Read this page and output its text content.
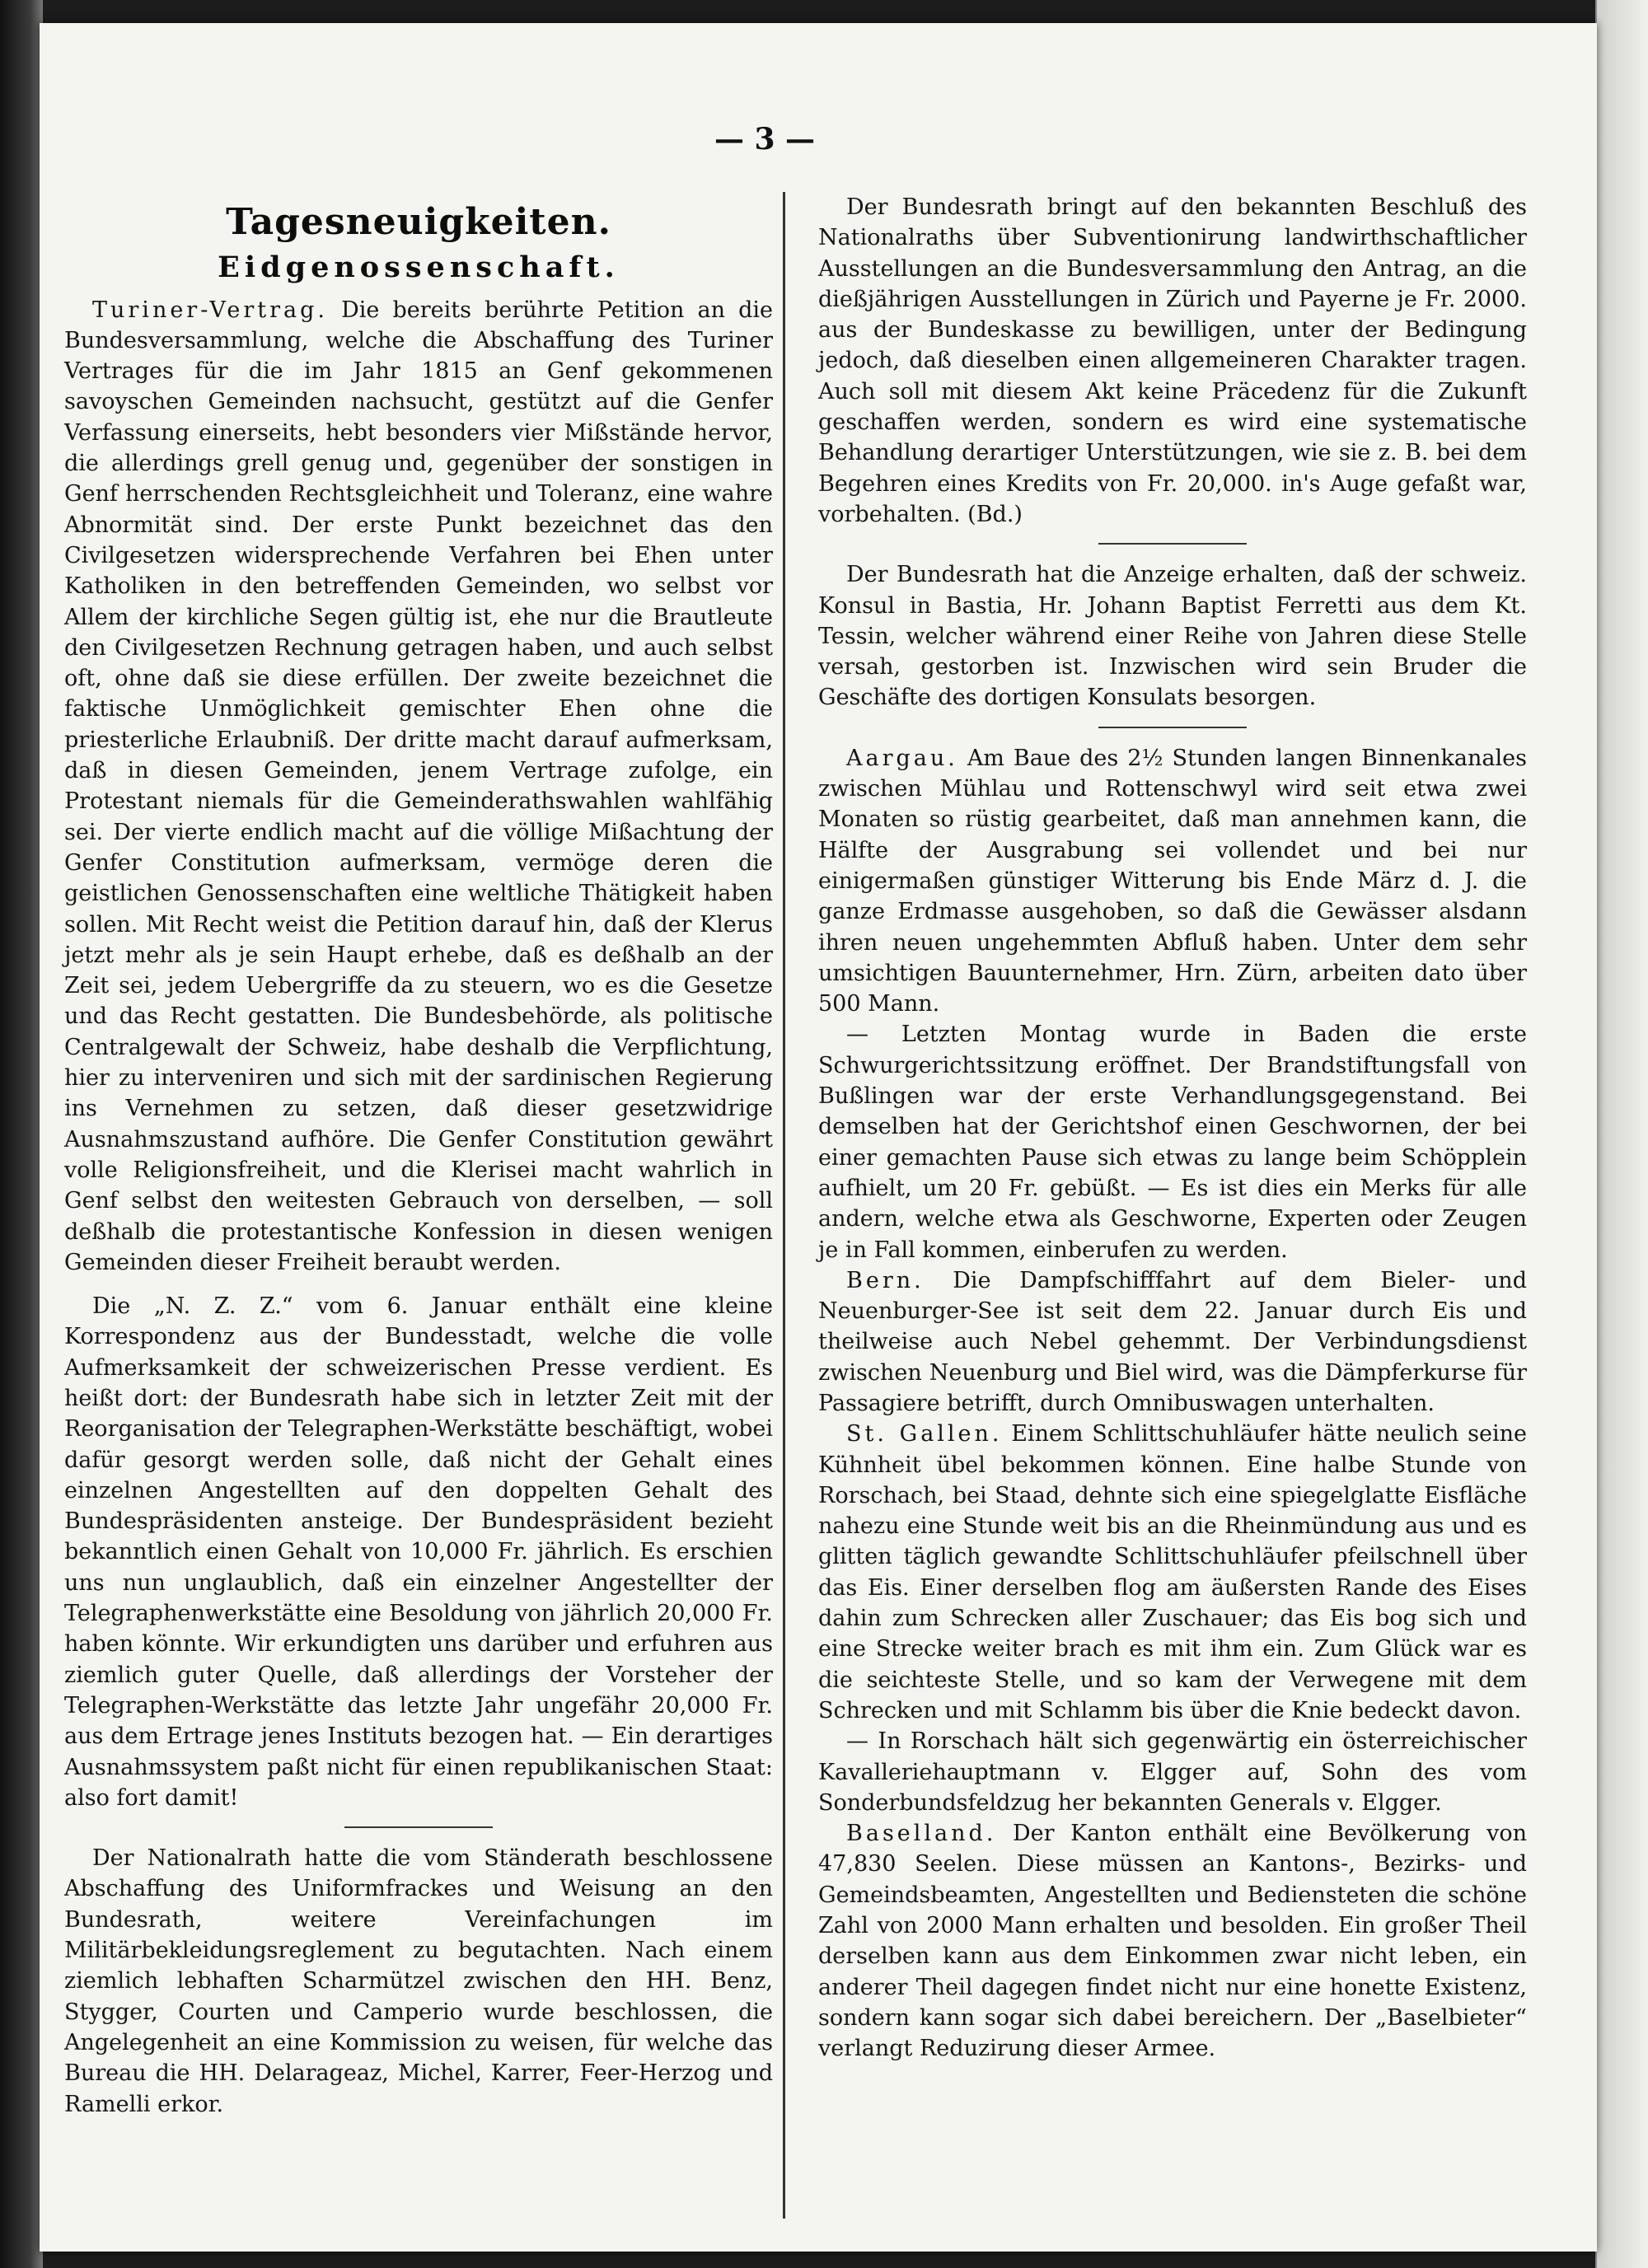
— 3 —
Tagesneuigkeiten.
Eidgenossenschaft.

Turiner-Vertrag. Die bereits berührte Petition an die Bundesversammlung, welche die Abschaffung des Turiner Vertrages für die im Jahr 1815 an Genf gekommenen savoyschen Gemeinden nachsucht, gestützt auf die Genfer Verfassung einerseits, hebt besonders vier Mißstände hervor, die allerdings grell genug und, gegenüber der sonstigen in Genf herrschenden Rechtsgleichheit und Toleranz, eine wahre Abnormität sind. Der erste Punkt bezeichnet das den Civilgesetzen widersprechende Verfahren bei Ehen unter Katholiken in den betreffenden Gemeinden, wo selbst vor Allem der kirchliche Segen gültig ist, ehe nur die Brautleute den Civilgesetzen Rechnung getragen haben, und auch selbst oft, ohne daß sie diese erfüllen. Der zweite bezeichnet die faktische Unmöglichkeit gemischter Ehen ohne die priesterliche Erlaubniß. Der dritte macht darauf aufmerksam, daß in diesen Gemeinden, jenem Vertrage zufolge, ein Protestant niemals für die Gemeinderathswahlen wahlfähig sei. Der vierte endlich macht auf die völlige Mißachtung der Genfer Constitution aufmerksam, vermöge deren die geistlichen Genossenschaften eine weltliche Thätigkeit haben sollen. Mit Recht weist die Petition darauf hin, daß der Klerus jetzt mehr als je sein Haupt erhebe, daß es deßhalb an der Zeit sei, jedem Uebergriffe da zu steuern, wo es die Gesetze und das Recht gestatten. Die Bundesbehörde, als politische Centralgewalt der Schweiz, habe deshalb die Verpflichtung, hier zu interveniren und sich mit der sardinischen Regierung ins Vernehmen zu setzen, daß dieser gesetzwidrige Ausnahmszustand aufhöre. Die Genfer Constitution gewährt volle Religionsfreiheit, und die Klerisei macht wahrlich in Genf selbst den weitesten Gebrauch von derselben, — soll deßhalb die protestantische Konfession in diesen wenigen Gemeinden dieser Freiheit beraubt werden.

Die „N. Z. Z.“ vom 6. Januar enthält eine kleine Korrespondenz aus der Bundesstadt, welche die volle Aufmerksamkeit der schweizerischen Presse verdient. Es heißt dort: der Bundesrath habe sich in letzter Zeit mit der Reorganisation der Telegraphen-Werkstätte beschäftigt, wobei dafür gesorgt werden solle, daß nicht der Gehalt eines einzelnen Angestellten auf den doppelten Gehalt des Bundespräsidenten ansteige. Der Bundespräsident bezieht bekanntlich einen Gehalt von 10,000 Fr. jährlich. Es erschien uns nun unglaublich, daß ein einzelner Angestellter der Telegraphenwerkstätte eine Besoldung von jährlich 20,000 Fr. haben könnte. Wir erkundigten uns darüber und erfuhren aus ziemlich guter Quelle, daß allerdings der Vorsteher der Telegraphen-Werkstätte das letzte Jahr ungefähr 20,000 Fr. aus dem Ertrage jenes Instituts bezogen hat. — Ein derartiges Ausnahmssystem paßt nicht für einen republikanischen Staat: also fort damit!

Der Nationalrath hatte die vom Ständerath beschlossene Abschaffung des Uniformfrackes und Weisung an den Bundesrath, weitere Vereinfachungen im Militärbekleidungsreglement zu begutachten. Nach einem ziemlich lebhaften Scharmützel zwischen den HH. Benz, Stygger, Courten und Camperio wurde beschlossen, die Angelegenheit an eine Kommission zu weisen, für welche das Bureau die HH. Delarageaz, Michel, Karrer, Feer-Herzog und Ramelli erkor.

Der Bundesrath bringt auf den bekannten Beschluß des Nationalraths über Subventionirung landwirthschaftlicher Ausstellungen an die Bundesversammlung den Antrag, an die dießjährigen Ausstellungen in Zürich und Payerne je Fr. 2000. aus der Bundeskasse zu bewilligen, unter der Bedingung jedoch, daß dieselben einen allgemeineren Charakter tragen. Auch soll mit diesem Akt keine Präcedenz für die Zukunft geschaffen werden, sondern es wird eine systematische Behandlung derartiger Unterstützungen, wie sie z. B. bei dem Begehren eines Kredits von Fr. 20,000. in's Auge gefaßt war, vorbehalten. (Bd.)

Der Bundesrath hat die Anzeige erhalten, daß der schweiz. Konsul in Bastia, Hr. Johann Baptist Ferretti aus dem Kt. Tessin, welcher während einer Reihe von Jahren diese Stelle versah, gestorben ist. Inzwischen wird sein Bruder die Geschäfte des dortigen Konsulats besorgen.

Aargau. Am Baue des 2½ Stunden langen Binnenkanales zwischen Mühlau und Rottenschwyl wird seit etwa zwei Monaten so rüstig gearbeitet, daß man annehmen kann, die Hälfte der Ausgrabung sei vollendet und bei nur einigermaßen günstiger Witterung bis Ende März d. J. die ganze Erdmasse ausgehoben, so daß die Gewässer alsdann ihren neuen ungehemmten Abfluß haben. Unter dem sehr umsichtigen Bauunternehmer, Hrn. Zürn, arbeiten dato über 500 Mann.

— Letzten Montag wurde in Baden die erste Schwurgerichtssitzung eröffnet. Der Brandstiftungsfall von Bußlingen war der erste Verhandlungsgegenstand. Bei demselben hat der Gerichtshof einen Geschwornen, der bei einer gemachten Pause sich etwas zu lange beim Schöpplein aufhielt, um 20 Fr. gebüßt. — Es ist dies ein Merks für alle andern, welche etwa als Geschworne, Experten oder Zeugen je in Fall kommen, einberufen zu werden.

Bern. Die Dampfschifffahrt auf dem Bieler- und Neuenburger-See ist seit dem 22. Januar durch Eis und theilweise auch Nebel gehemmt. Der Verbindungsdienst zwischen Neuenburg und Biel wird, was die Dämpferkurse für Passagiere betrifft, durch Omnibuswagen unterhalten.

St. Gallen. Einem Schlittschuhläufer hätte neulich seine Kühnheit übel bekommen können. Eine halbe Stunde von Rorschach, bei Staad, dehnte sich eine spiegelglatte Eisfläche nahezu eine Stunde weit bis an die Rheinmündung aus und es glitten täglich gewandte Schlittschuhläufer pfeilschnell über das Eis. Einer derselben flog am äußersten Rande des Eises dahin zum Schrecken aller Zuschauer; das Eis bog sich und eine Strecke weiter brach es mit ihm ein. Zum Glück war es die seichteste Stelle, und so kam der Verwegene mit dem Schrecken und mit Schlamm bis über die Knie bedeckt davon.

— In Rorschach hält sich gegenwärtig ein österreichischer Kavalleriehauptmann v. Elgger auf, Sohn des vom Sonderbundsfeldzug her bekannten Generals v. Elgger.

Baselland. Der Kanton enthält eine Bevölkerung von 47,830 Seelen. Diese müssen an Kantons-, Bezirks- und Gemeindsbeamten, Angestellten und Bediensteten die schöne Zahl von 2000 Mann erhalten und besolden. Ein großer Theil derselben kann aus dem Einkommen zwar nicht leben, ein anderer Theil dagegen findet nicht nur eine honette Existenz, sondern kann sogar sich dabei bereichern. Der „Baselbieter“ verlangt Reduzirung dieser Armee.
